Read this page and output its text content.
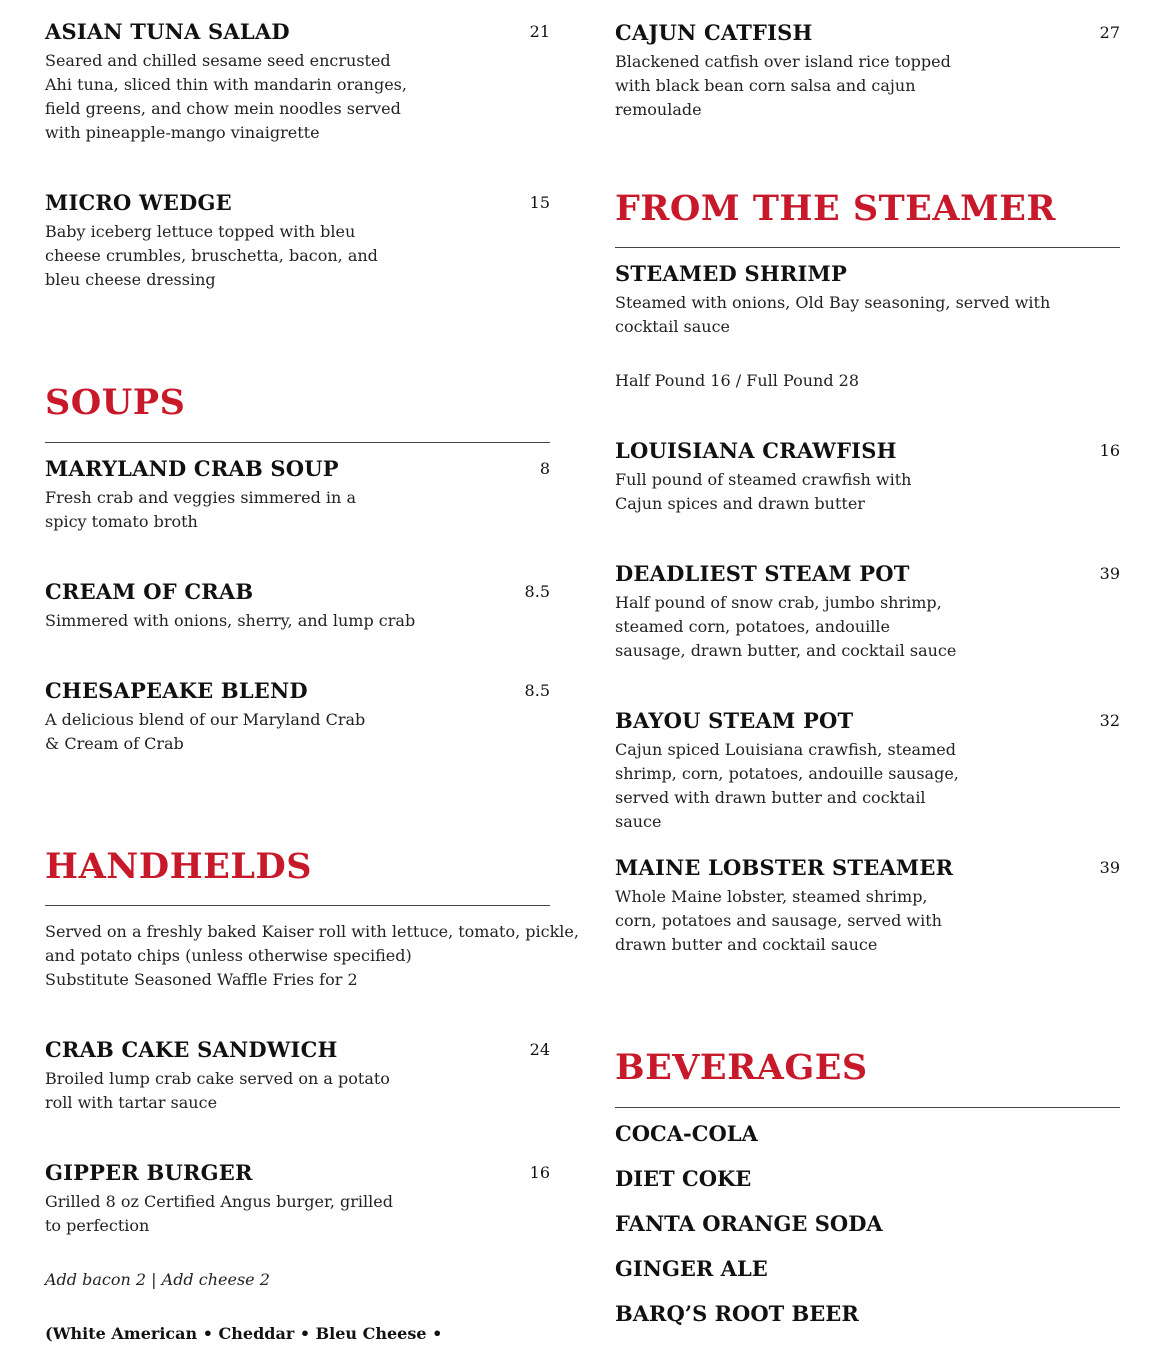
ASIAN TUNA SALAD	21
Seared and chilled sesame seed encrusted Ahi tuna, sliced thin with mandarin oranges, field greens, and chow mein noodles served with pineapple-mango vinaigrette
MICRO WEDGE	15
Baby iceberg lettuce topped with bleu cheese crumbles, bruschetta, bacon, and bleu cheese dressing
SOUPS
MARYLAND CRAB SOUP	8
Fresh crab and veggies simmered in a spicy tomato broth
CREAM OF CRAB	8.5
Simmered with onions, sherry, and lump crab
CHESAPEAKE BLEND	8.5
A delicious blend of our Maryland Crab & Cream of Crab
HANDHELDS
Served on a freshly baked Kaiser roll with lettuce, tomato, pickle,
and potato chips (unless otherwise specified)
Substitute Seasoned Waffle Fries for 2
CRAB CAKE SANDWICH	24
Broiled lump crab cake served on a potato roll with tartar sauce
GIPPER BURGER	16
Grilled 8 oz Certified Angus burger, grilled to perfection
Add bacon 2 | Add cheese 2
(White American • Cheddar • Bleu Cheese •
CAJUN CATFISH	27
Blackened catfish over island rice topped with black bean corn salsa and cajun remoulade
FROM THE STEAMER
STEAMED SHRIMP
Steamed with onions, Old Bay seasoning, served with cocktail sauce
Half Pound 16 / Full Pound 28
LOUISIANA CRAWFISH	16
Full pound of steamed crawfish with Cajun spices and drawn butter
DEADLIEST STEAM POT	39
Half pound of snow crab, jumbo shrimp, steamed corn, potatoes, andouille sausage, drawn butter, and cocktail sauce
BAYOU STEAM POT	32
Cajun spiced Louisiana crawfish, steamed shrimp, corn, potatoes, andouille sausage, served with drawn butter and cocktail sauce
MAINE LOBSTER STEAMER	39
Whole Maine lobster, steamed shrimp, corn, potatoes and sausage, served with drawn butter and cocktail sauce
BEVERAGES
COCA-COLA
DIET COKE
FANTA ORANGE SODA
GINGER ALE
BARQ’S ROOT BEER
